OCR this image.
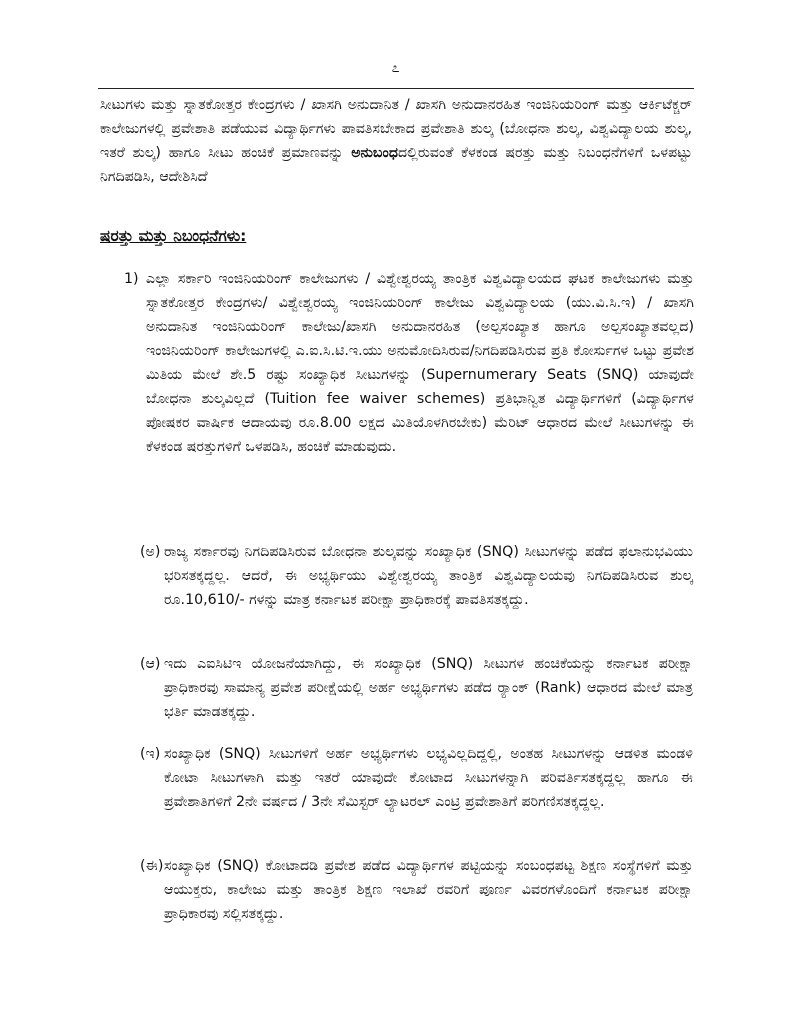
೭
ಸೀಟುಗಳು ಮತ್ತು ಸ್ನಾತಕೋತ್ತರ ಕೇಂದ್ರಗಳು / ಖಾಸಗಿ ಅನುದಾನಿತ / ಖಾಸಗಿ ಅನುದಾನರಹಿತ ಇಂಜಿನಿಯರಿಂಗ್ ಮತ್ತು ಆರ್ಕಿಟೆಕ್ಚರ್ ಕಾಲೇಜುಗಳಲ್ಲಿ ಪ್ರವೇಶಾತಿ ಪಡೆಯುವ ವಿದ್ಯಾರ್ಥಿಗಳು ಪಾವತಿಸಬೇಕಾದ ಪ್ರವೇಶಾತಿ ಶುಲ್ಕ (ಬೋಧನಾ ಶುಲ್ಕ, ವಿಶ್ವವಿದ್ಯಾಲಯ ಶುಲ್ಕ, ಇತರೆ ಶುಲ್ಕ) ಹಾಗೂ ಸೀಟು ಹಂಚಿಕೆ ಪ್ರಮಾಣವನ್ನು ಅನುಬಂಧದಲ್ಲಿರುವಂತೆ ಕೆಳಕಂಡ ಷರತ್ತು ಮತ್ತು ನಿಬಂಧನೆಗಳಿಗೆ ಒಳಪಟ್ಟು ನಿಗದಿಪಡಿಸಿ, ಆದೇಶಿಸಿದೆ
ಷರತ್ತು ಮತ್ತು ನಿಬಂಧನೆಗಳು:
1) ಎಲ್ಲಾ ಸರ್ಕಾರಿ ಇಂಜಿನಿಯರಿಂಗ್ ಕಾಲೇಜುಗಳು / ವಿಶ್ವೇಶ್ವರಯ್ಯ ತಾಂತ್ರಿಕ ವಿಶ್ವವಿದ್ಯಾಲಯದ ಘಟಕ ಕಾಲೇಜುಗಳು ಮತ್ತು ಸ್ನಾತಕೋತ್ತರ ಕೇಂದ್ರಗಳು/ ವಿಶ್ವೇಶ್ವರಯ್ಯ ಇಂಜಿನಿಯರಿಂಗ್ ಕಾಲೇಜು ವಿಶ್ವವಿದ್ಯಾಲಯ (ಯು.ವಿ.ಸಿ.ಇ) / ಖಾಸಗಿ ಅನುದಾನಿತ ಇಂಜಿನಿಯರಿಂಗ್ ಕಾಲೇಜು/ಖಾಸಗಿ ಅನುದಾನರಹಿತ (ಅಲ್ಪಸಂಖ್ಯಾತ ಹಾಗೂ ಅಲ್ಪಸಂಖ್ಯಾತವಲ್ಲದ) ಇಂಜಿನಿಯರಿಂಗ್ ಕಾಲೇಜುಗಳಲ್ಲಿ ಎ.ಐ.ಸಿ.ಟಿ.ಇ.ಯು ಅನುಮೋದಿಸಿರುವ/ನಿಗದಿಪಡಿಸಿರುವ ಪ್ರತಿ ಕೋರ್ಸುಗಳ ಒಟ್ಟು ಪ್ರವೇಶ ಮಿತಿಯ ಮೇಲೆ ಶೇ.5 ರಷ್ಟು ಸಂಖ್ಯಾಧಿಕ ಸೀಟುಗಳನ್ನು (Supernumerary Seats (SNQ) ಯಾವುದೇ ಬೋಧನಾ ಶುಲ್ಕವಿಲ್ಲದೆ (Tuition fee waiver schemes) ಪ್ರತಿಭಾನ್ವಿತ ವಿದ್ಯಾರ್ಥಿಗಳಿಗೆ (ವಿದ್ಯಾರ್ಥಿಗಳ ಪೋಷಕರ ವಾರ್ಷಿಕ ಆದಾಯವು ರೂ.8.00 ಲಕ್ಷದ ಮಿತಿಯೊಳಗಿರಬೇಕು) ಮೆರಿಟ್ ಆಧಾರದ ಮೇಲೆ ಸೀಟುಗಳನ್ನು ಈ ಕೆಳಕಂಡ ಷರತ್ತುಗಳಿಗೆ ಒಳಪಡಿಸಿ, ಹಂಚಿಕೆ ಮಾಡುವುದು.
(ಅ) ರಾಜ್ಯ ಸರ್ಕಾರವು ನಿಗದಿಪಡಿಸಿರುವ ಬೋಧನಾ ಶುಲ್ಕವನ್ನು ಸಂಖ್ಯಾಧಿಕ (SNQ) ಸೀಟುಗಳನ್ನು ಪಡೆದ ಫಲಾನುಭವಿಯು ಭರಿಸತಕ್ಕದ್ದಲ್ಲ. ಆದರೆ, ಈ ಅಭ್ಯರ್ಥಿಯು ವಿಶ್ವೇಶ್ವರಯ್ಯ ತಾಂತ್ರಿಕ ವಿಶ್ವವಿದ್ಯಾಲಯವು ನಿಗದಿಪಡಿಸಿರುವ ಶುಲ್ಕ ರೂ.10,610/- ಗಳನ್ನು ಮಾತ್ರ ಕರ್ನಾಟಕ ಪರೀಕ್ಷಾ ಪ್ರಾಧಿಕಾರಕ್ಕೆ ಪಾವತಿಸತಕ್ಕದ್ದು.
(ಆ) ಇದು ಎಐಸಿಟಿಇ ಯೋಜನೆಯಾಗಿದ್ದು, ಈ ಸಂಖ್ಯಾಧಿಕ (SNQ) ಸೀಟುಗಳ ಹಂಚಿಕೆಯನ್ನು ಕರ್ನಾಟಕ ಪರೀಕ್ಷಾ ಪ್ರಾಧಿಕಾರವು ಸಾಮಾನ್ಯ ಪ್ರವೇಶ ಪರೀಕ್ಷೆಯಲ್ಲಿ ಅರ್ಹ ಅಭ್ಯರ್ಥಿಗಳು ಪಡೆದ ರ್‍ಯಾಂಕ್ (Rank) ಆಧಾರದ ಮೇಲೆ ಮಾತ್ರ ಭರ್ತಿ ಮಾಡತಕ್ಕದ್ದು.
(ಇ) ಸಂಖ್ಯಾಧಿಕ (SNQ) ಸೀಟುಗಳಿಗೆ ಅರ್ಹ ಅಭ್ಯರ್ಥಿಗಳು ಲಭ್ಯವಿಲ್ಲದಿದ್ದಲ್ಲಿ, ಅಂತಹ ಸೀಟುಗಳನ್ನು ಆಡಳಿತ ಮಂಡಳಿ ಕೋಟಾ ಸೀಟುಗಳಾಗಿ ಮತ್ತು ಇತರೆ ಯಾವುದೇ ಕೋಟಾದ ಸೀಟುಗಳನ್ನಾಗಿ ಪರಿವರ್ತಿಸತಕ್ಕದ್ದಲ್ಲ ಹಾಗೂ ಈ ಪ್ರವೇಶಾತಿಗಳಿಗೆ 2ನೇ ವರ್ಷದ / 3ನೇ ಸೆಮಿಸ್ಟರ್ ಲ್ಯಾಟರಲ್ ಎಂಟ್ರಿ ಪ್ರವೇಶಾತಿಗೆ ಪರಿಗಣಿಸತಕ್ಕದ್ದಲ್ಲ.
(ಈ) ಸಂಖ್ಯಾಧಿಕ (SNQ) ಕೋಟಾದಡಿ ಪ್ರವೇಶ ಪಡೆದ ವಿದ್ಯಾರ್ಥಿಗಳ ಪಟ್ಟಿಯನ್ನು ಸಂಬಂಧಪಟ್ಟ ಶಿಕ್ಷಣ ಸಂಸ್ಥೆಗಳಿಗೆ ಮತ್ತು ಆಯುಕ್ತರು, ಕಾಲೇಜು ಮತ್ತು ತಾಂತ್ರಿಕ ಶಿಕ್ಷಣ ಇಲಾಖೆ ರವರಿಗೆ ಪೂರ್ಣ ವಿವರಗಳೊಂದಿಗೆ ಕರ್ನಾಟಕ ಪರೀಕ್ಷಾ ಪ್ರಾಧಿಕಾರವು ಸಲ್ಲಿಸತಕ್ಕದ್ದು.
